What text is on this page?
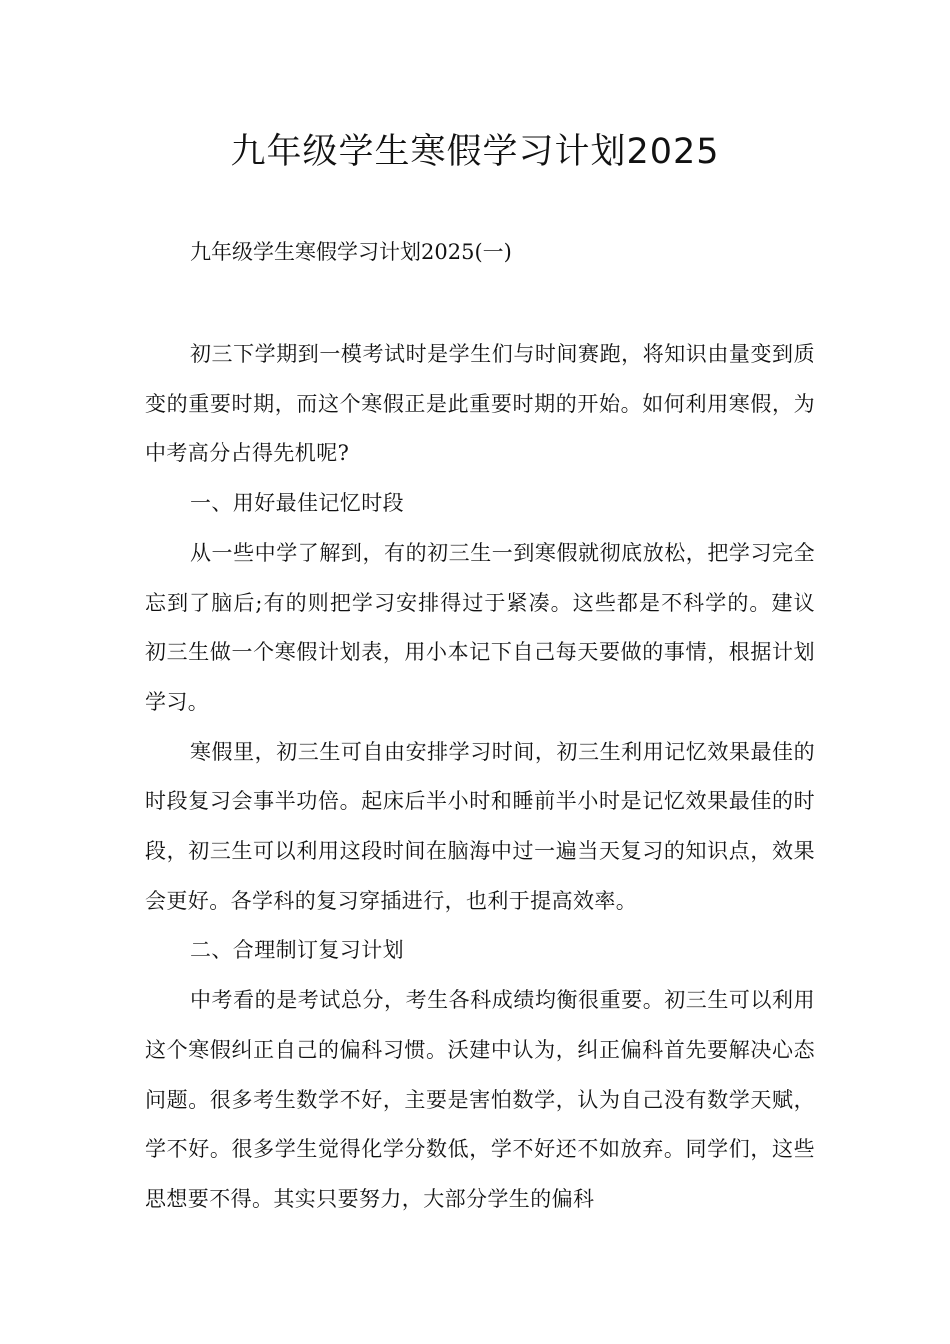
九年级学生寒假学习计划2025

九年级学生寒假学习计划2025(一)

初三下学期到一模考试时是学生们与时间赛跑，将知识由量变到质变的重要时期，而这个寒假正是此重要时期的开始。如何利用寒假，为中考高分占得先机呢?

一、用好最佳记忆时段

从一些中学了解到，有的初三生一到寒假就彻底放松，把学习完全忘到了脑后;有的则把学习安排得过于紧凑。这些都是不科学的。建议初三生做一个寒假计划表，用小本记下自己每天要做的事情，根据计划学习。

寒假里，初三生可自由安排学习时间，初三生利用记忆效果最佳的时段复习会事半功倍。起床后半小时和睡前半小时是记忆效果最佳的时段，初三生可以利用这段时间在脑海中过一遍当天复习的知识点，效果会更好。各学科的复习穿插进行，也利于提高效率。

二、合理制订复习计划

中考看的是考试总分，考生各科成绩均衡很重要。初三生可以利用这个寒假纠正自己的偏科习惯。沃建中认为，纠正偏科首先要解决心态问题。很多考生数学不好，主要是害怕数学，认为自己没有数学天赋，学不好。很多学生觉得化学分数低，学不好还不如放弃。同学们，这些思想要不得。其实只要努力，大部分学生的偏科
